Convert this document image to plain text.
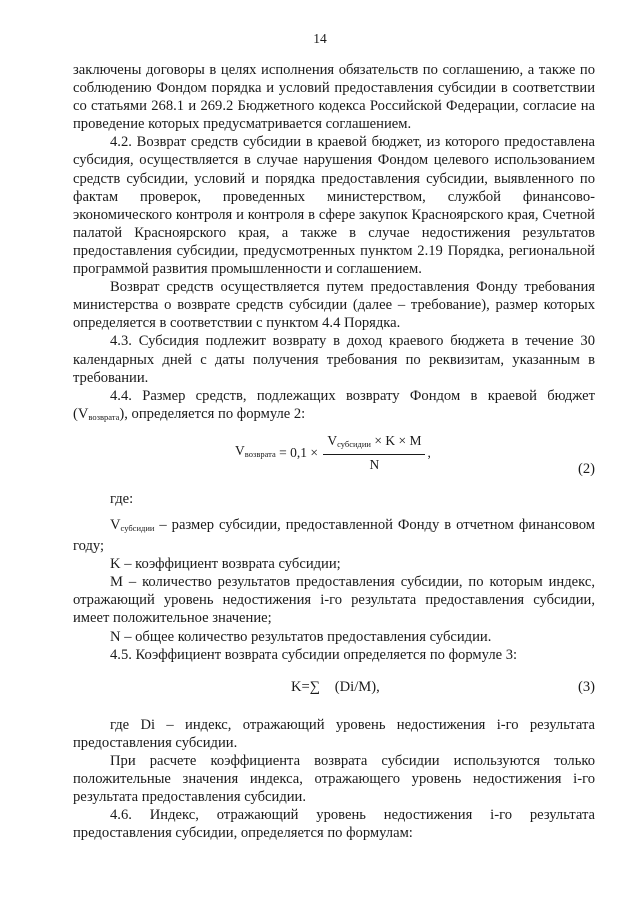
14

заключены договоры в целях исполнения обязательств по соглашению, а также по соблюдению Фондом порядка и условий предоставления субсидии в соответствии со статьями 268.1 и 269.2 Бюджетного кодекса Российской Федерации, согласие на проведение которых предусматривается соглашением.

4.2. Возврат средств субсидии в краевой бюджет, из которого предоставлена субсидия, осуществляется в случае нарушения Фондом целевого использованием средств субсидии, условий и порядка предоставления субсидии, выявленного по фактам проверок, проведенных министерством, службой финансово-экономического контроля и контроля в сфере закупок Красноярского края, Счетной палатой Красноярского края, а также в случае недостижения результатов предоставления субсидии, предусмотренных пунктом 2.19 Порядка, региональной программой развития промышленности и соглашением.

Возврат средств осуществляется путем предоставления Фонду требования министерства о возврате средств субсидии (далее – требование), размер которых определяется в соответствии с пунктом 4.4 Порядка.

4.3. Субсидия подлежит возврату в доход краевого бюджета в течение 30 календарных дней с даты получения требования по реквизитам, указанным в требовании.

4.4. Размер средств, подлежащих возврату Фондом в краевой бюджет $(V_{возврата})$, определяется по формуле 2:

$V_{возврата} = 0,1 \times \frac{V_{субсидии} \times K \times M}{N}$ ,
(2)

где:

$V_{субсидии}$ – размер субсидии, предоставленной Фонду в отчетном финансовом году;

K – коэффициент возврата субсидии;

M – количество результатов предоставления субсидии, по которым индекс, отражающий уровень недостижения i-го результата предоставления субсидии, имеет положительное значение;

N – общее количество результатов предоставления субсидии.

4.5. Коэффициент возврата субсидии определяется по формуле 3:

K=∑    (Di/M),	(3)

где Di – индекс, отражающий уровень недостижения i-го результата предоставления субсидии.

При расчете коэффициента возврата субсидии используются только положительные значения индекса, отражающего уровень недостижения i-го результата предоставления субсидии.

4.6. Индекс, отражающий уровень недостижения i-го результата предоставления субсидии, определяется по формулам:
